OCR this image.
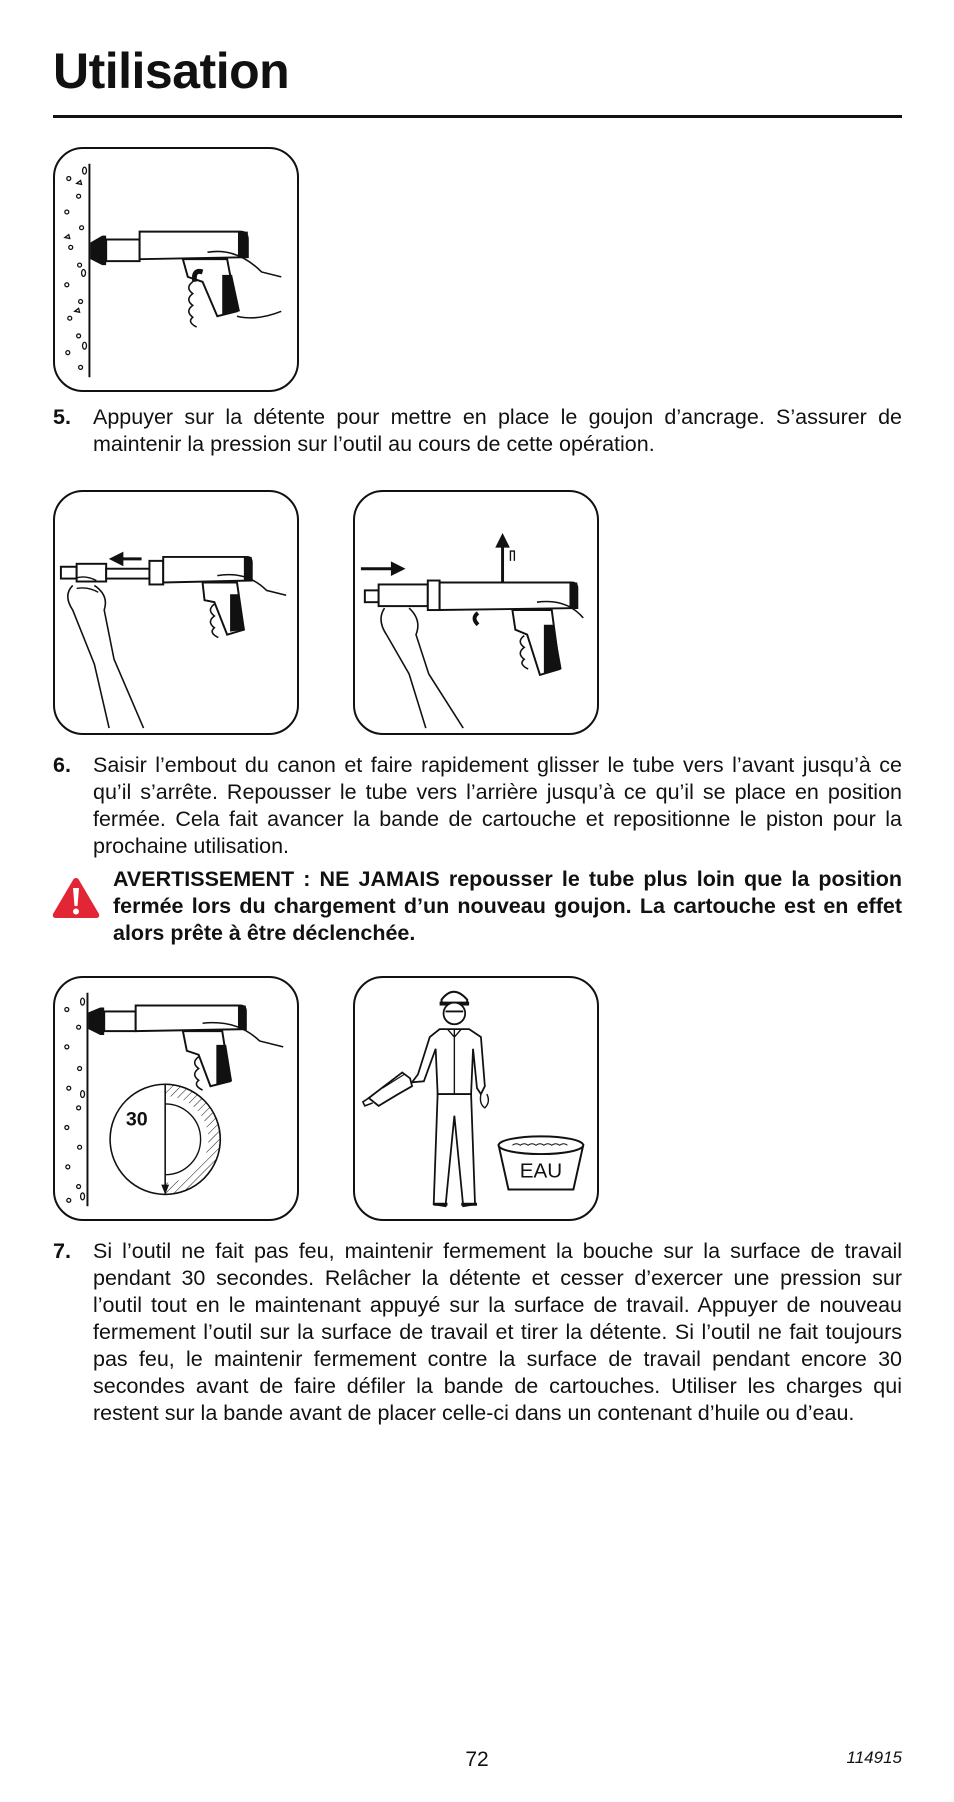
Utilisation
5. Appuyer sur la détente pour mettre en place le goujon d’ancrage. S’assurer de maintenir la pression sur l’outil au cours de cette opération.
6. Saisir l’embout du canon et faire rapidement glisser le tube vers l’avant jusqu’à ce qu’il s’arrête. Repousser le tube vers l’arrière jusqu’à ce qu’il se place en position fermée. Cela fait avancer la bande de cartouche et repositionne le piston pour la prochaine utilisation.
AVERTISSEMENT : NE JAMAIS repousser le tube plus loin que la position fermée lors du chargement d’un nouveau goujon. La cartouche est en effet alors prête à être déclenchée.
30
EAU
7. Si l’outil ne fait pas feu, maintenir fermement la bouche sur la surface de travail pendant 30 secondes. Relâcher la détente et cesser d’exercer une pression sur l’outil tout en le maintenant appuyé sur la surface de travail. Appuyer de nouveau fermement l’outil sur la surface de travail et tirer la détente. Si l’outil ne fait toujours pas feu, le maintenir fermement contre la surface de travail pendant encore 30 secondes avant de faire défiler la bande de cartouches. Utiliser les charges qui restent sur la bande avant de placer celle-ci dans un contenant d’huile ou d’eau.
72	114915
